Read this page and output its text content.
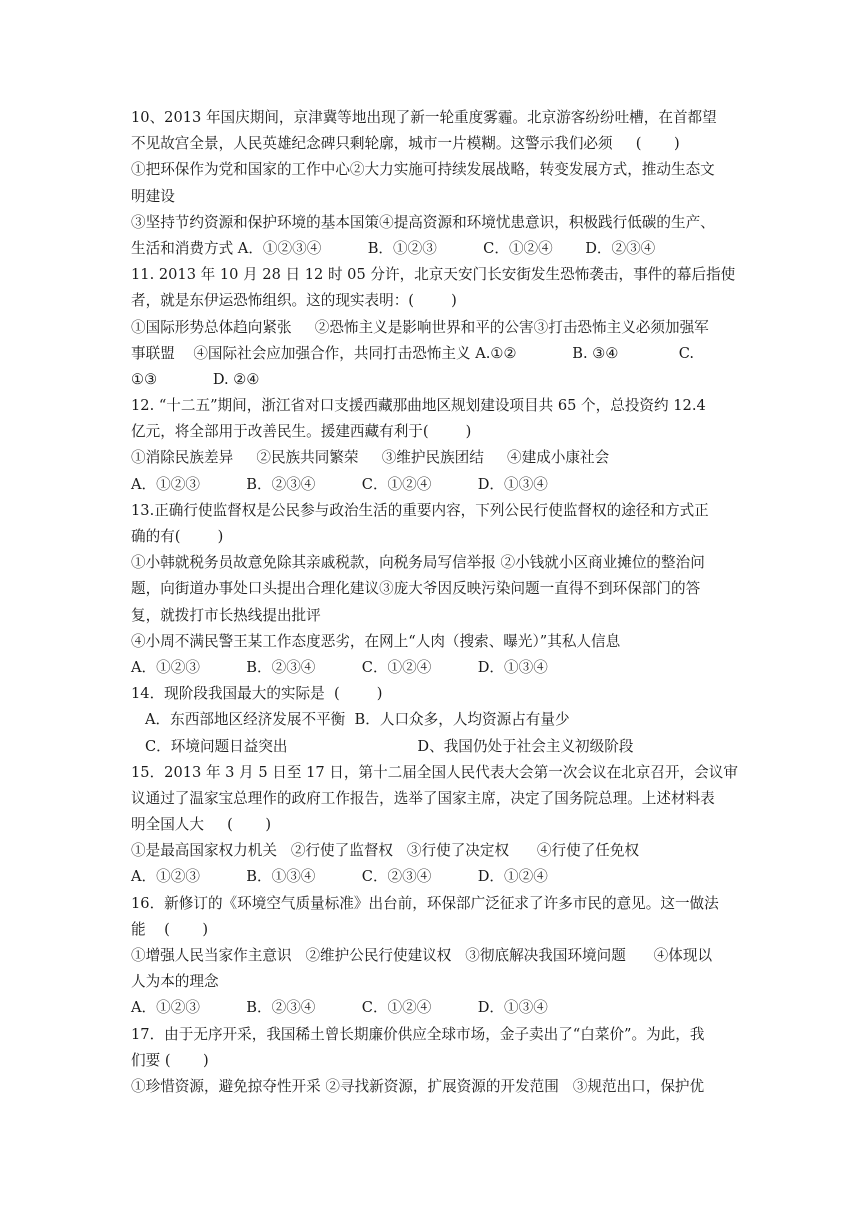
10、2013 年国庆期间，京津冀等地出现了新一轮重度雾霾。北京游客纷纷吐槽，在首都望
不见故宫全景，人民英雄纪念碑只剩轮廓，城市一片模糊。这警示我们必须     (       )
①把环保作为党和国家的工作中心②大力实施可持续发展战略，转变发展方式，推动生态文
明建设
③坚持节约资源和保护环境的基本国策④提高资源和环境忧患意识，积极践行低碳的生产、
生活和消费方式 A．①②③④          B．①②③          C．①②④       D．②③④
11. 2013 年 10 月 28 日 12 时 05 分许，北京天安门长安街发生恐怖袭击，事件的幕后指使
者，就是东伊运恐怖组织。这的现实表明：(        )
①国际形势总体趋向紧张     ②恐怖主义是影响世界和平的公害③打击恐怖主义必须加强军
事联盟    ④国际社会应加强合作，共同打击恐怖主义 A.①②            B. ③④             C.
①③            D. ②④
12. “十二五”期间，浙江省对口支援西藏那曲地区规划建设项目共 65 个，总投资约 12.4
亿元，将全部用于改善民生。援建西藏有利于(        )
①消除民族差异     ②民族共同繁荣     ③维护民族团结     ④建成小康社会
A．①②③          B．②③④          C．①②④          D．①③④
13.正确行使监督权是公民参与政治生活的重要内容，下列公民行使监督权的途径和方式正
确的有(        )
①小韩就税务员故意免除其亲戚税款，向税务局写信举报 ②小钱就小区商业摊位的整治问
题，向街道办事处口头提出合理化建议③庞大爷因反映污染问题一直得不到环保部门的答
复，就拨打市长热线提出批评
④小周不满民警王某工作态度恶劣，在网上“人肉（搜索、曝光）”其私人信息
A．①②③          B．②③④          C．①②④          D．①③④
14．现阶段我国最大的实际是  (        )
A．东西部地区经济发展不平衡  B．人口众多，人均资源占有量少
C．环境问题日益突出                            D、我国仍处于社会主义初级阶段
15．2013 年 3 月 5 日至 17 日，第十二届全国人民代表大会第一次会议在北京召开，会议审
议通过了温家宝总理作的政府工作报告，选举了国家主席，决定了国务院总理。上述材料表
明全国人大     (       )
①是最高国家权力机关   ②行使了监督权   ③行使了决定权      ④行使了任免权
A．①②③          B．①③④          C．②③④          D．①②④
16．新修订的《环境空气质量标准》出台前，环保部广泛征求了许多市民的意见。这一做法
能    (       )
①增强人民当家作主意识   ②维护公民行使建议权   ③彻底解决我国环境问题      ④体现以
人为本的理念
A．①②③          B．②③④          C．①②④          D．①③④
17．由于无序开采，我国稀土曾长期廉价供应全球市场，金子卖出了“白菜价”。为此，我
们要 (       )
①珍惜资源，避免掠夺性开采 ②寻找新资源，扩展资源的开发范围   ③规范出口，保护优
